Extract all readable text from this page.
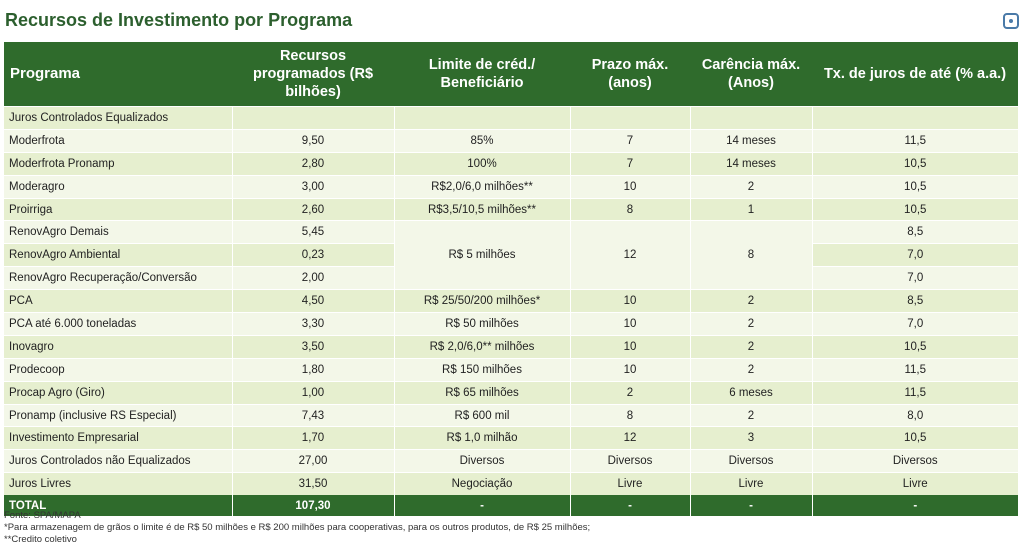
Recursos de Investimento por Programa
Programa	Recursos programados (R$ bilhões)	Limite de créd./ Beneficiário	Prazo máx. (anos)	Carência máx. (Anos)	Tx. de juros de até (% a.a.)
Juros Controlados Equalizados					
Moderfrota	9,50	85%	7	14 meses	11,5
Moderfrota Pronamp	2,80	100%	7	14 meses	10,5
Moderagro	3,00	R$2,0/6,0 milhões**	10	2	10,5
Proirriga	2,60	R$3,5/10,5 milhões**	8	1	10,5
RenovAgro Demais	5,45	R$ 5 milhões	12	8	8,5
RenovAgro Ambiental	0,23				7,0
RenovAgro Recuperação/Conversão	2,00				7,0
PCA	4,50	R$ 25/50/200 milhões*	10	2	8,5
PCA até 6.000 toneladas	3,30	R$ 50 milhões	10	2	7,0
Inovagro	3,50	R$ 2,0/6,0** milhões	10	2	10,5
Prodecoop	1,80	R$ 150 milhões	10	2	11,5
Procap Agro (Giro)	1,00	R$ 65 milhões	2	6 meses	11,5
Pronamp (inclusive RS Especial)	7,43	R$ 600 mil	8	2	8,0
Investimento Empresarial	1,70	R$ 1,0 milhão	12	3	10,5
Juros Controlados não Equalizados	27,00	Diversos	Diversos	Diversos	Diversos
Juros Livres	31,50	Negociação	Livre	Livre	Livre
TOTAL	107,30	-	-	-	-
Fonte: SPA/MAPA
*Para armazenagem de grãos o limite é de R$ 50 milhões e R$ 200 milhões para cooperativas, para os outros produtos, de R$ 25 milhões;
**Credito coletivo
